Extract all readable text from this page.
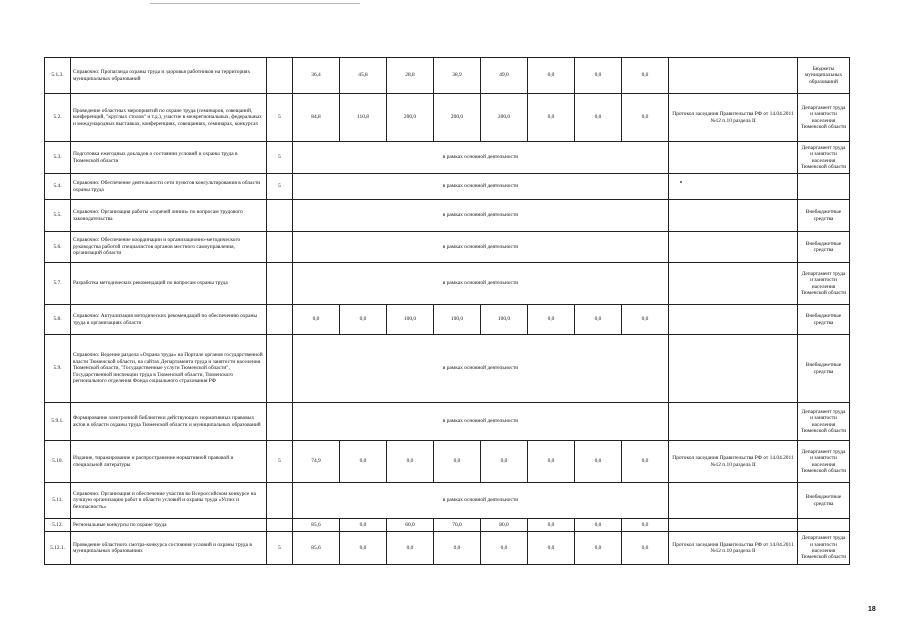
5.1.3.	Справочно: Пропаганда охраны труда и здоровья работников на территориях муниципальных образований		36,4	45,8	28,8	38,9	49,0	0,0	0,0	0,0		Бюджеты муниципальных образований
5.2.	Проведение областных мероприятий по охране труда (семинаров, совещаний, конференций, "круглых столов" и т.д.), участие в межрегиональных, федеральных и международных выставках, конференциях, совещаниях, семинарах, конкурсах	5	84,8	110,8	200,0	200,0	200,0	0,0	0,0	0,0	Протокол заседания Правительства РФ от 14.04.2011 №12 п.10 раздела II	Департамент труда и занятости населения Тюменской области
5.3.	Подготовка ежегодных докладов о состоянии условий и охраны труда в Тюменской области	5	в рамках основной деятельности									Департамент труда и занятости населения Тюменской области
5.4.	Справочно: Обеспечение деятельности сети пунктов консультирования в области охраны труда	5	в рамках основной деятельности									
5.5.	Справочно: Организация работы «горячей линии» по вопросам трудового законодательства		в рамках основной деятельности									Внебюджетные средства
5.6.	Справочно: Обеспечение координации и организационно-методического руководства работой специалистов органов местного самоуправления, организаций области		в рамках основной деятельности									Внебюджетные средства
5.7.	Разработка методических рекомендаций по вопросам охраны труда		в рамках основной деятельности									Департамент труда и занятости населения Тюменской области
5.8.	Справочно: Актуализация методических рекомендаций по обеспечению охраны труда в организациях области		0,0	0,0	100,0	100,0	100,0	0,0	0,0	0,0		Внебюджетные средства
5.9.	Справочно: Ведение раздела «Охрана труда» на Портале органов государственной власти Тюменской области, на сайтах Департамента труда и занятости населения Тюменской области, "Государственные услуги Тюменской области", Государственной инспекции труда в Тюменской области, Тюменского регионального отделения Фонда социального страхования РФ		в рамках основной деятельности									Внебюджетные средства
5.9.1.	Формирование электронной библиотеки действующих нормативных правовых актов в области охраны труда Тюменской области и муниципальных образований		в рамках основной деятельности									Департамент труда и занятости населения Тюменской области
5.10.	Издание, тиражирование и распространение нормативной правовой и специальной литературы	5	74,9	0,0	0,0	0,0	0,0	0,0	0,0	0,0	Протокол заседания Правительства РФ от 14.04.2011 №12 п.10 раздела II	Департамент труда и занятости населения Тюменской области
5.11.	Справочно: Организация и обеспечение участия во Всероссийском конкурсе на лучшую организацию работ в области условий и охраны труда «Успех и безопасность»		в рамках основной деятельности									Внебюджетные средства
5.12.	Региональные конкурсы по охране труда		85,6	0,0	60,0	70,0	80,0	0,0	0,0	0,0		
5.12.1.	Проведение областного смотра-конкурса состояния условий и охраны труда в муниципальных образованиях	5	85,6	0,0	0,0	0,0	0,0	0,0	0,0	0,0	Протокол заседания Правительства РФ от 14.04.2011 №12 п.10 раздела II	Департамент труда и занятости населения Тюменской области
18
